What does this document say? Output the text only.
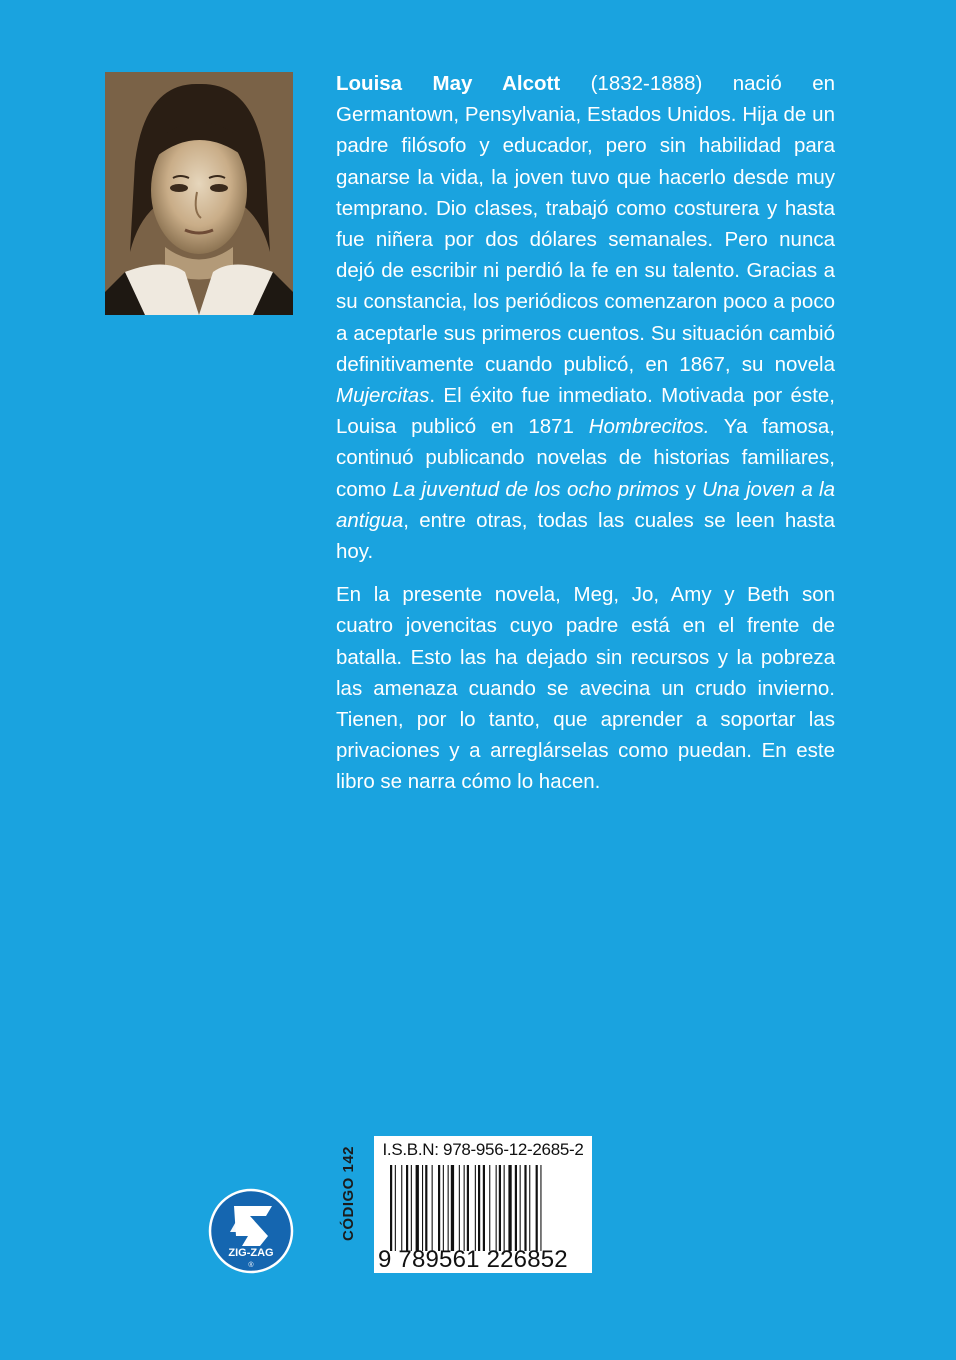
Louisa May Alcott (1832-1888) nació en Germantown, Pensylvania, Estados Unidos. Hija de un padre filósofo y educador, pero sin habilidad para ganarse la vida, la joven tuvo que hacerlo desde muy temprano. Dio clases, trabajó como costurera y hasta fue niñera por dos dólares semanales. Pero nunca dejó de escribir ni perdió la fe en su talento. Gracias a su constancia, los periódicos comenzaron poco a poco a aceptarle sus primeros cuentos. Su situación cambió definitivamente cuando publicó, en 1867, su novela Mujercitas. El éxito fue inmediato. Motivada por éste, Louisa publicó en 1871 Hombrecitos. Ya famosa, continuó publicando novelas de historias familiares, como La juventud de los ocho primos y Una joven a la antigua, entre otras, todas las cuales se leen hasta hoy.

En la presente novela, Meg, Jo, Amy y Beth son cuatro jovencitas cuyo padre está en el frente de batalla. Esto las ha dejado sin recursos y la pobreza las amenaza cuando se avecina un crudo invierno. Tienen, por lo tanto, que aprender a soportar las privaciones y a arreglárselas como puedan. En este libro se narra cómo lo hacen.

CÓDIGO 142	I.S.B.N: 978-956-12-2685-2
9 789561 226852
ZIG-ZAG
®
